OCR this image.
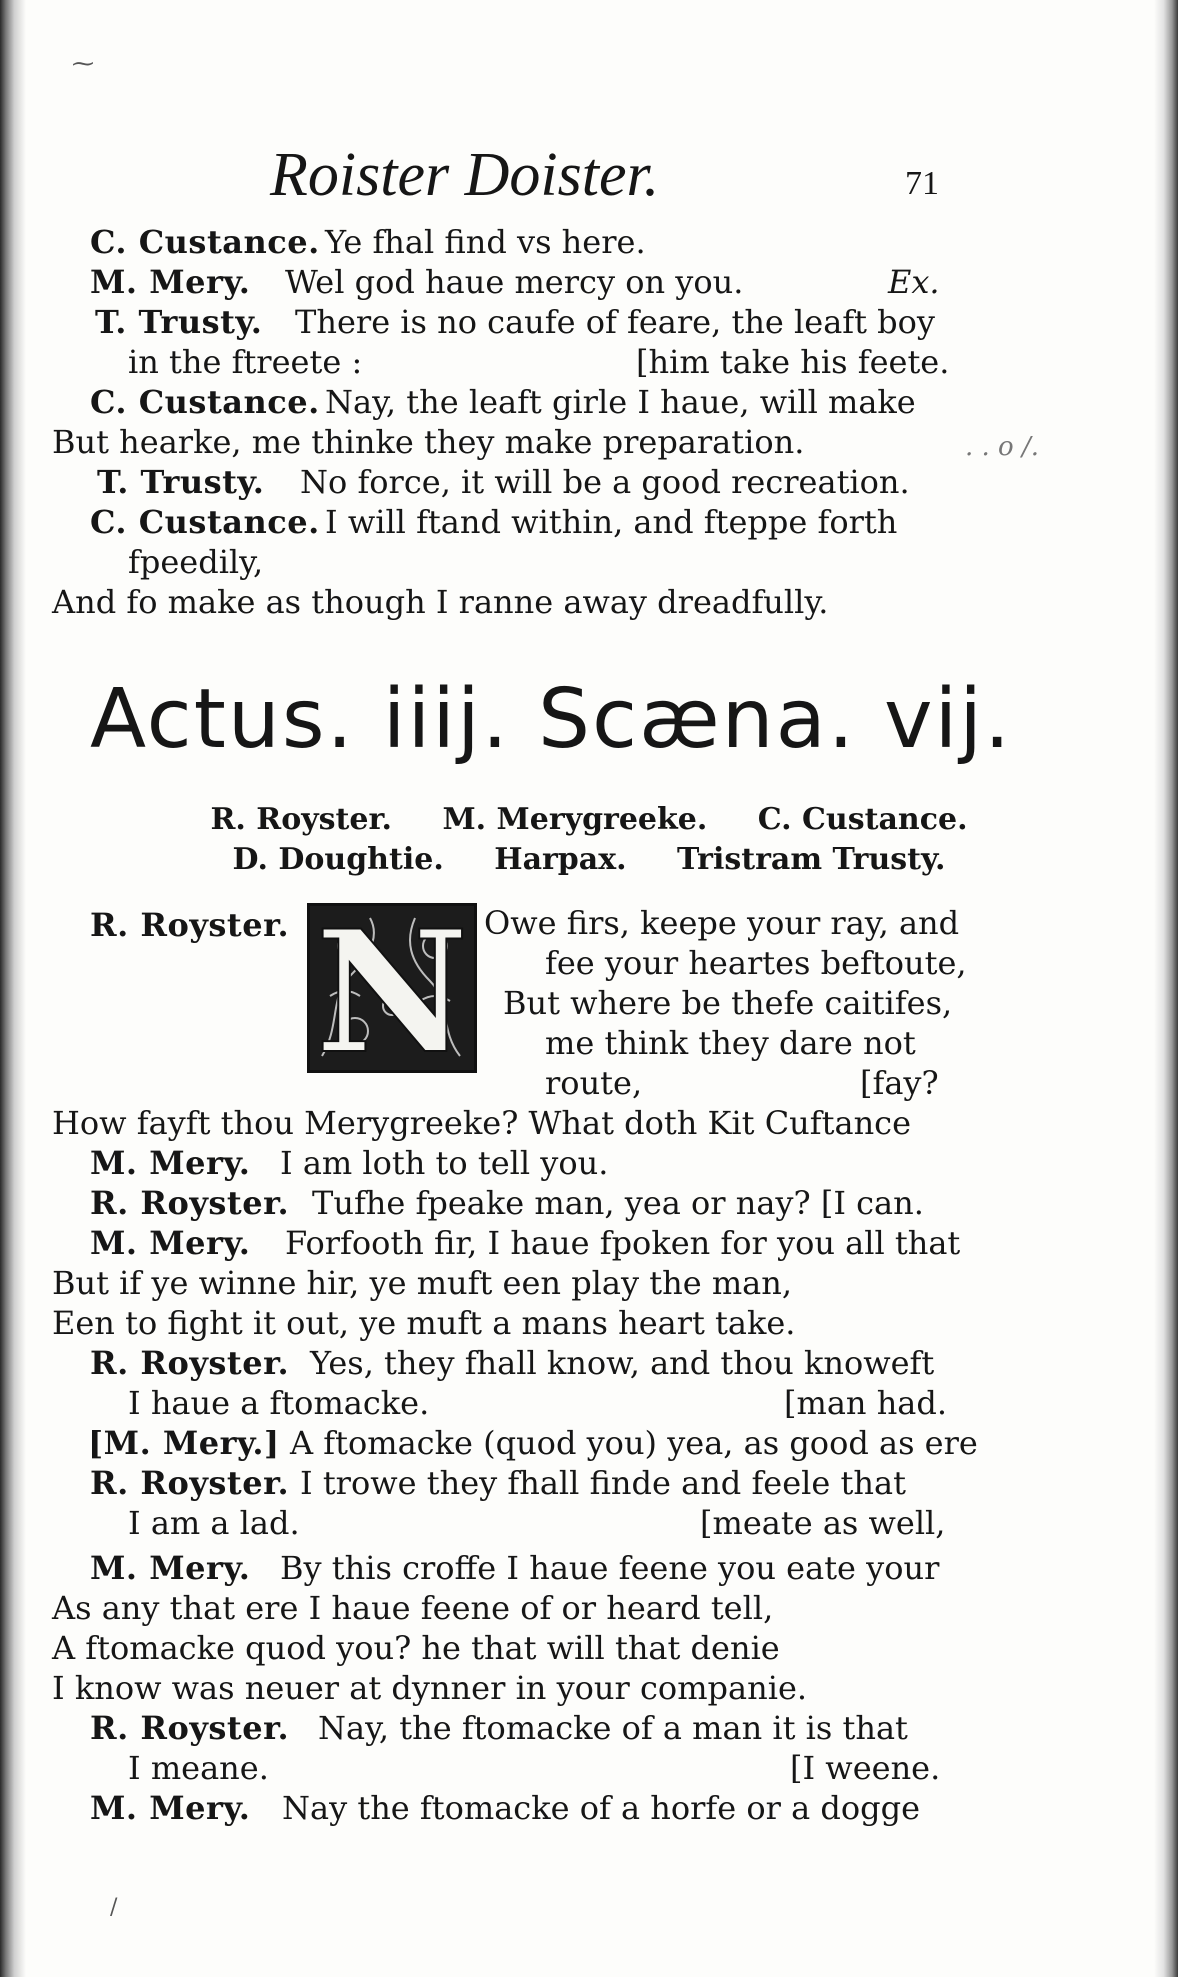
⁓
/
Roister Doister.	71
. . o /.
C. Custance. Ye fhal find vs here.
M. Mery. Wel god haue mercy on you.	Ex.
T. Trusty. There is no caufe of feare, the leaft boy
in the ftreete :	[him take his feete.
C. Custance. Nay, the leaft girle I haue, will make
But hearke, me thinke they make preparation.
T. Trusty. No force, it will be a good recreation.
C. Custance. I will ftand within, and fteppe forth
fpeedily,
And fo make as though I ranne away dreadfully.
Actus. iiij. Scæna. vij.
R. Royster. M. Merygreeke. C. Custance.
D. Doughtie. Harpax. Tristram Trusty.
R. Royster. N Owe firs, keepe your ray, and
fee your heartes beftoute,
But where be thefe caitifes,
me think they dare not
route,	[fay?
How fayft thou Merygreeke? What doth Kit Cuftance
M. Mery. I am loth to tell you.
R. Royster. Tufhe fpeake man, yea or nay? [I can.
M. Mery. Forfooth fir, I haue fpoken for you all that
But if ye winne hir, ye muft een play the man,
Een to fight it out, ye muft a mans heart take.
R. Royster. Yes, they fhall know, and thou knoweft
I haue a ftomacke.	[man had.
[M. Mery.] A ftomacke (quod you) yea, as good as ere
R. Royster. I trowe they fhall finde and feele that
I am a lad.	[meate as well,
M. Mery. By this croffe I haue feene you eate your
As any that ere I haue feene of or heard tell,
A ftomacke quod you? he that will that denie
I know was neuer at dynner in your companie.
R. Royster. Nay, the ftomacke of a man it is that
I meane.	[I weene.
M. Mery. Nay the ftomacke of a horfe or a dogge
